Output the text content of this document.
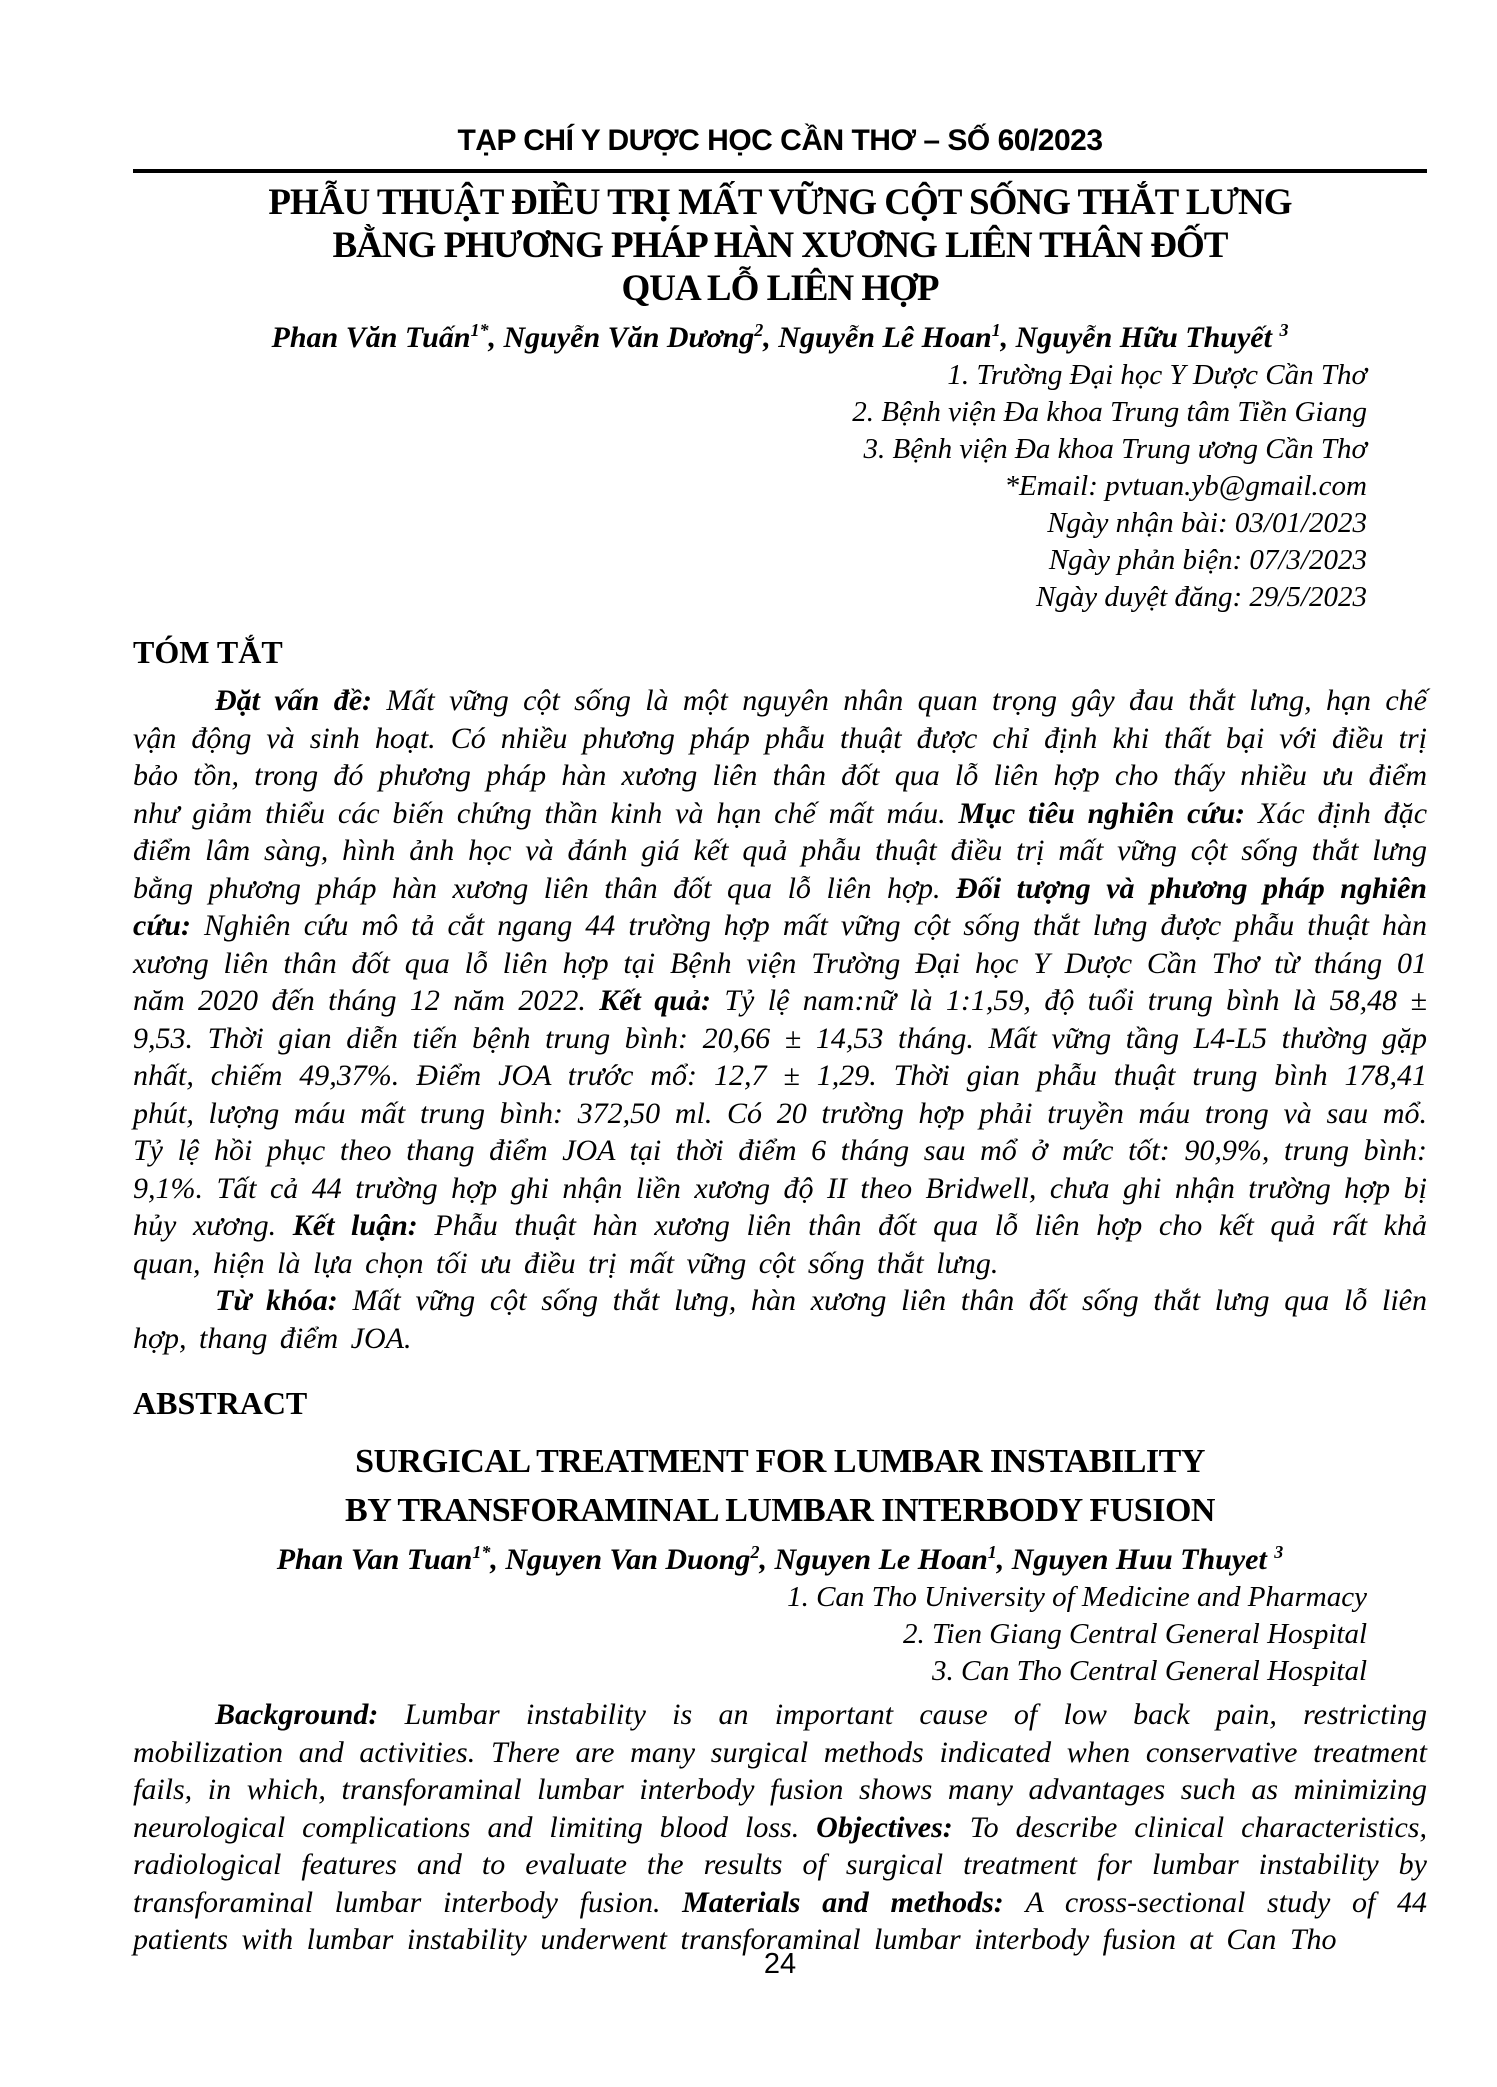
TẠP CHÍ Y DƯỢC HỌC CẦN THƠ – SỐ 60/2023
PHẪU THUẬT ĐIỀU TRỊ MẤT VỮNG CỘT SỐNG THẮT LƯNG
BẰNG PHƯƠNG PHÁP HÀN XƯƠNG LIÊN THÂN ĐỐT
QUA LỖ LIÊN HỢP
Phan Văn Tuấn$^{1*}$, Nguyễn Văn Dương$^2$, Nguyễn Lê Hoan$^1$, Nguyễn Hữu Thuyết $^3$
1. Trường Đại học Y Dược Cần Thơ
2. Bệnh viện Đa khoa Trung tâm Tiền Giang
3. Bệnh viện Đa khoa Trung ương Cần Thơ
*Email: pvtuan.yb@gmail.com
Ngày nhận bài: 03/01/2023
Ngày phản biện: 07/3/2023
Ngày duyệt đăng: 29/5/2023
TÓM TẮT
Đặt vấn đề: Mất vững cột sống là một nguyên nhân quan trọng gây đau thắt lưng, hạn chế vận động và sinh hoạt. Có nhiều phương pháp phẫu thuật được chỉ định khi thất bại với điều trị bảo tồn, trong đó phương pháp hàn xương liên thân đốt qua lỗ liên hợp cho thấy nhiều ưu điểm như giảm thiểu các biến chứng thần kinh và hạn chế mất máu. Mục tiêu nghiên cứu: Xác định đặc điểm lâm sàng, hình ảnh học và đánh giá kết quả phẫu thuật điều trị mất vững cột sống thắt lưng bằng phương pháp hàn xương liên thân đốt qua lỗ liên hợp. Đối tượng và phương pháp nghiên cứu: Nghiên cứu mô tả cắt ngang 44 trường hợp mất vững cột sống thắt lưng được phẫu thuật hàn xương liên thân đốt qua lỗ liên hợp tại Bệnh viện Trường Đại học Y Dược Cần Thơ từ tháng 01 năm 2020 đến tháng 12 năm 2022. Kết quả: Tỷ lệ nam:nữ là 1:1,59, độ tuổi trung bình là 58,48 ± 9,53. Thời gian diễn tiến bệnh trung bình: 20,66 ± 14,53 tháng. Mất vững tầng L4-L5 thường gặp nhất, chiếm 49,37%. Điểm JOA trước mổ: 12,7 ± 1,29. Thời gian phẫu thuật trung bình 178,41 phút, lượng máu mất trung bình: 372,50 ml. Có 20 trường hợp phải truyền máu trong và sau mổ. Tỷ lệ hồi phục theo thang điểm JOA tại thời điểm 6 tháng sau mổ ở mức tốt: 90,9%, trung bình: 9,1%. Tất cả 44 trường hợp ghi nhận liền xương độ II theo Bridwell, chưa ghi nhận trường hợp bị hủy xương. Kết luận: Phẫu thuật hàn xương liên thân đốt qua lỗ liên hợp cho kết quả rất khả quan, hiện là lựa chọn tối ưu điều trị mất vững cột sống thắt lưng.
Từ khóa: Mất vững cột sống thắt lưng, hàn xương liên thân đốt sống thắt lưng qua lỗ liên hợp, thang điểm JOA.
ABSTRACT
SURGICAL TREATMENT FOR LUMBAR INSTABILITY
BY TRANSFORAMINAL LUMBAR INTERBODY FUSION
Phan Van Tuan$^{1*}$, Nguyen Van Duong$^2$, Nguyen Le Hoan$^1$, Nguyen Huu Thuyet $^3$
1. Can Tho University of Medicine and Pharmacy
2. Tien Giang Central General Hospital
3. Can Tho Central General Hospital
Background: Lumbar instability is an important cause of low back pain, restricting mobilization and activities. There are many surgical methods indicated when conservative treatment fails, in which, transforaminal lumbar interbody fusion shows many advantages such as minimizing neurological complications and limiting blood loss. Objectives: To describe clinical characteristics, radiological features and to evaluate the results of surgical treatment for lumbar instability by transforaminal lumbar interbody fusion. Materials and methods: A cross-sectional study of 44 patients with lumbar instability underwent transforaminal lumbar interbody fusion at Can Tho
24
